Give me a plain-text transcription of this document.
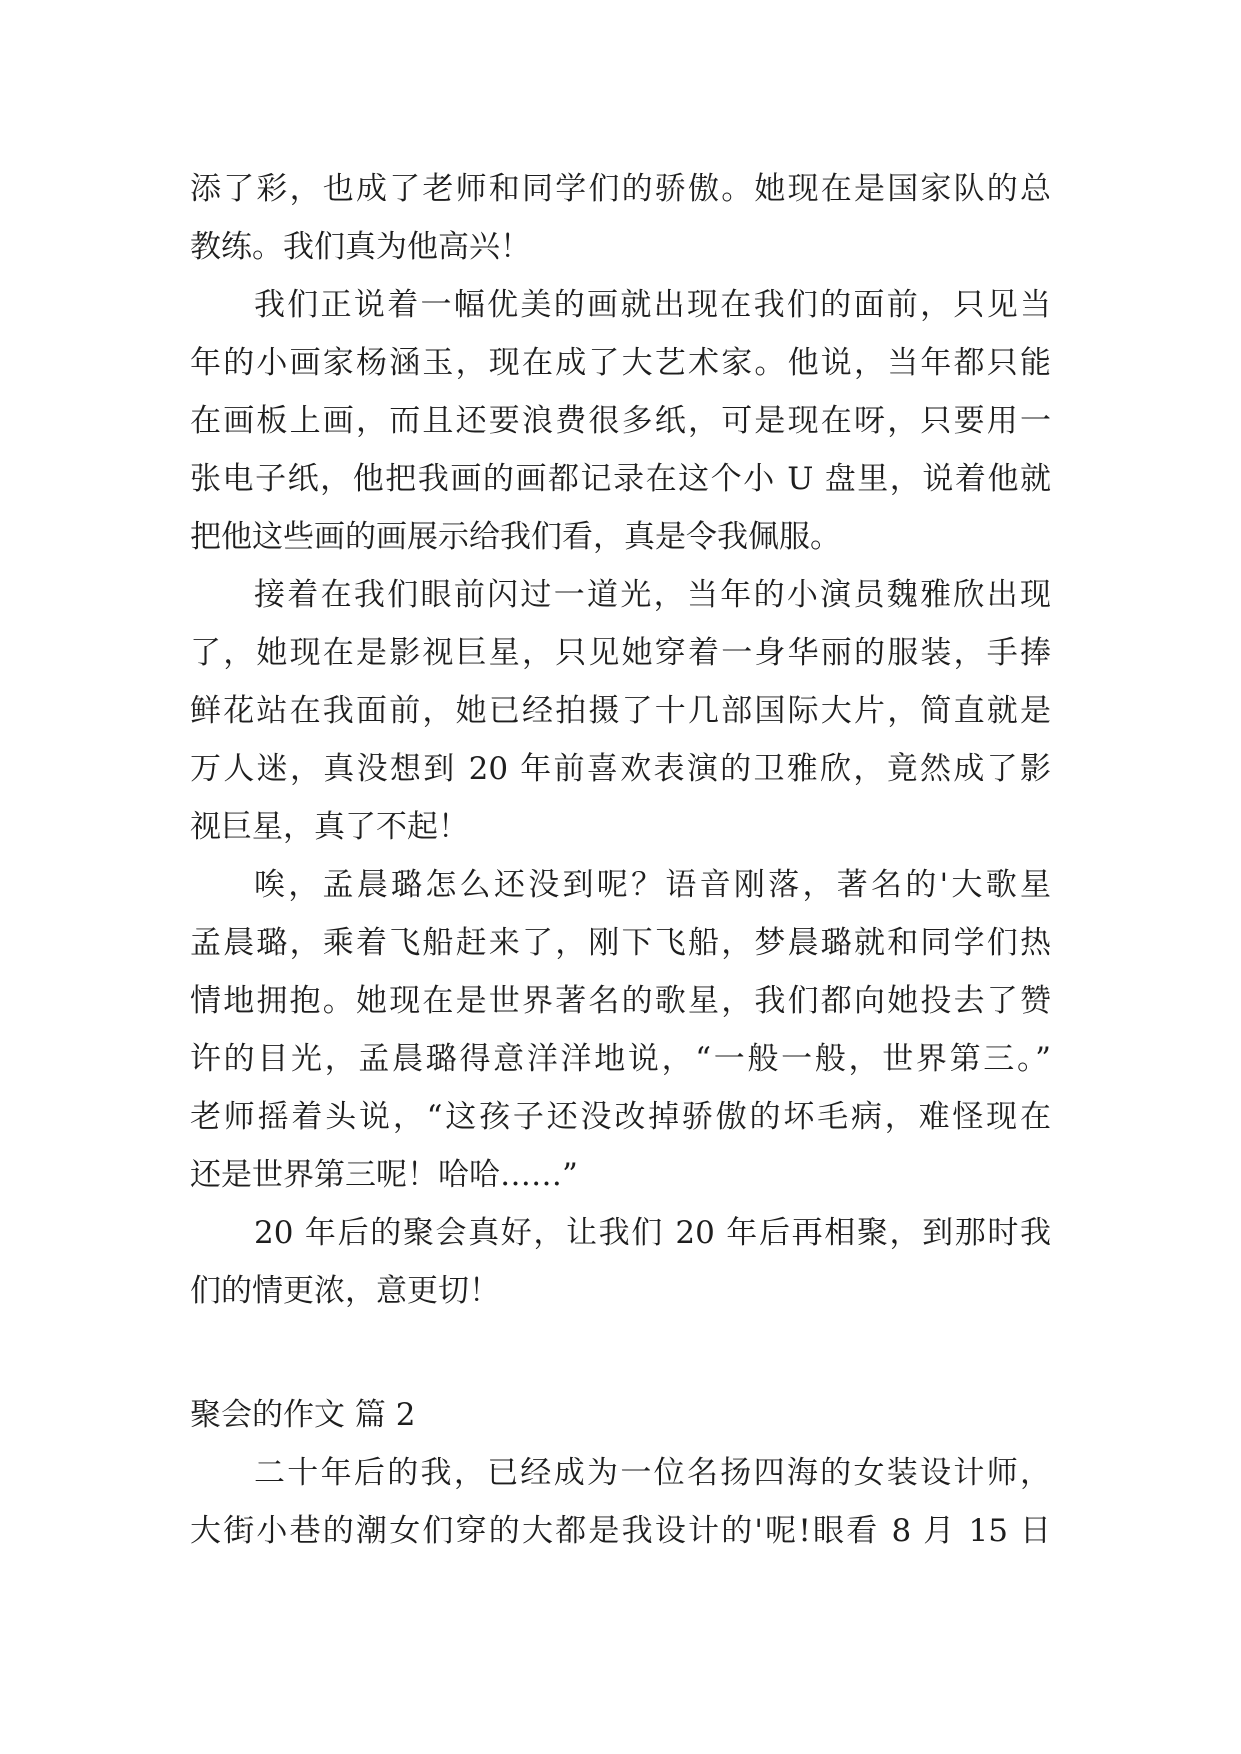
添了彩，也成了老师和同学们的骄傲。她现在是国家队的总
教练。我们真为他高兴！
我们正说着一幅优美的画就出现在我们的面前，只见当
年的小画家杨涵玉，现在成了大艺术家。他说，当年都只能
在画板上画，而且还要浪费很多纸，可是现在呀，只要用一
张电子纸，他把我画的画都记录在这个小 U 盘里，说着他就
把他这些画的画展示给我们看，真是令我佩服。
接着在我们眼前闪过一道光，当年的小演员魏雅欣出现
了，她现在是影视巨星，只见她穿着一身华丽的服装，手捧
鲜花站在我面前，她已经拍摄了十几部国际大片，简直就是
万人迷，真没想到 20 年前喜欢表演的卫雅欣，竟然成了影
视巨星，真了不起！
唉，孟晨璐怎么还没到呢？语音刚落，著名的'大歌星
孟晨璐，乘着飞船赶来了，刚下飞船，梦晨璐就和同学们热
情地拥抱。她现在是世界著名的歌星，我们都向她投去了赞
许的目光，孟晨璐得意洋洋地说，“一般一般，世界第三。”
老师摇着头说，“这孩子还没改掉骄傲的坏毛病，难怪现在
还是世界第三呢！哈哈……”
20 年后的聚会真好，让我们 20 年后再相聚，到那时我
们的情更浓，意更切！
聚会的作文 篇 2
二十年后的我，已经成为一位名扬四海的女装设计师，
大街小巷的潮女们穿的大都是我设计的'呢!眼看 8 月 15 日
